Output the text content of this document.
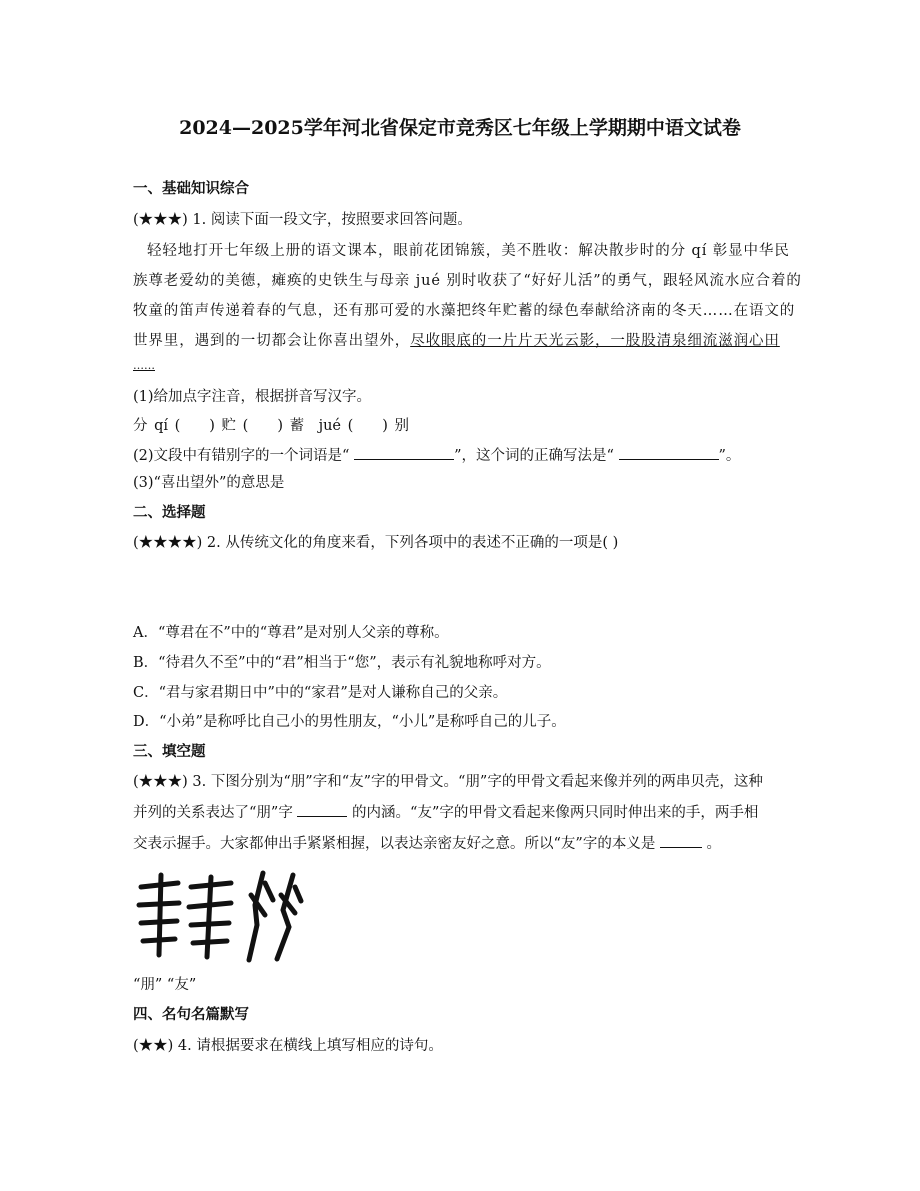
2024—2025学年河北省保定市竞秀区七年级上学期期中语文试卷
一、基础知识综合
(★★★) 1. 阅读下面一段文字，按照要求回答问题。
轻轻地打开七年级上册的语文课本，眼前花团锦簇，美不胜收：解决散步时的分 qí 彰显中华民
族尊老爱幼的美德，瘫痪的史铁生与母亲 jué 别时收获了“好好儿活”的勇气，跟轻风流水应合着的
牧童的笛声传递着春的气息，还有那可爱的水藻把终年贮蓄的绿色奉献给济南的冬天……在语文的
世界里，遇到的一切都会让你喜出望外，尽收眼底的一片片天光云影，一股股清泉细流滋润心田
……
(1)给加点字注音，根据拼音写汉字。
分 qí (　　) 贮 (　　) 蓄　jué (　　) 别
(2)文段中有错别字的一个词语是“	”，这个词的正确写法是“	”。
(3)“喜出望外”的意思是
二、选择题
(★★★★) 2. 从传统文化的角度来看，下列各项中的表述不正确的一项是( )
A．“尊君在不”中的“尊君”是对别人父亲的尊称。
B．“待君久不至”中的“君”相当于“您”，表示有礼貌地称呼对方。
C．“君与家君期日中”中的“家君”是对人谦称自己的父亲。
D．“小弟”是称呼比自己小的男性朋友，“小儿”是称呼自己的儿子。
三、填空题
(★★★) 3. 下图分别为“朋”字和“友”字的甲骨文。“朋”字的甲骨文看起来像并列的两串贝壳，这种
并列的关系表达了“朋”字	的内涵。“友”字的甲骨文看起来像两只同时伸出来的手，两手相
交表示握手。大家都伸出手紧紧相握，以表达亲密友好之意。所以“友”字的本义是	。
“朋” “友”
四、名句名篇默写
(★★) 4. 请根据要求在横线上填写相应的诗句。
